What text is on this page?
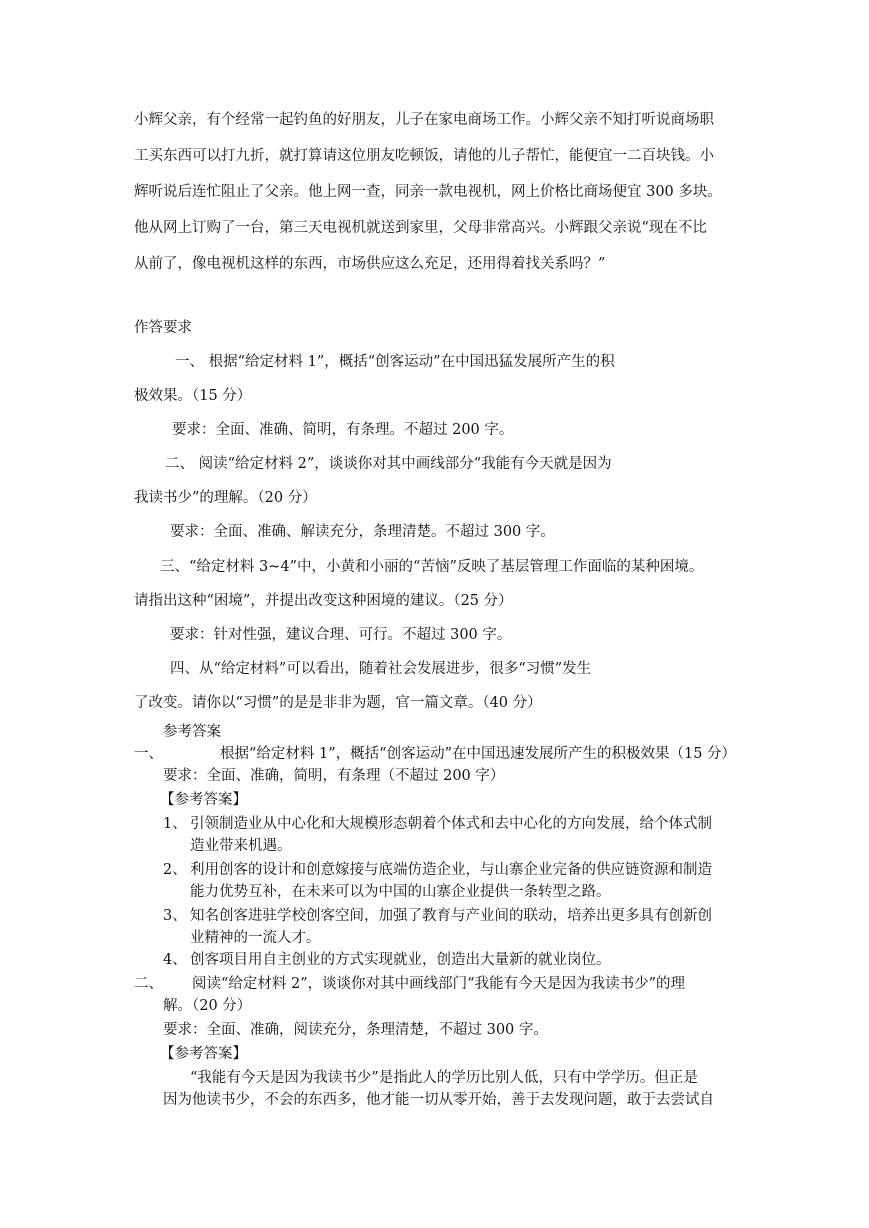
小辉父亲，有个经常一起钓鱼的好朋友，儿子在家电商场工作。小辉父亲不知打听说商场职
工买东西可以打九折，就打算请这位朋友吃顿饭，请他的儿子帮忙，能便宜一二百块钱。小
辉听说后连忙阻止了父亲。他上网一查，同亲一款电视机，网上价格比商场便宜 300 多块。
他从网上订购了一台，第三天电视机就送到家里，父母非常高兴。小辉跟父亲说“现在不比
从前了，像电视机这样的东西，市场供应这么充足，还用得着找关系吗？”
作答要求
一、 根据“给定材料 1”，概括“创客运动”在中国迅猛发展所产生的积
极效果。（15 分）
要求：全面、准确、简明，有条理。不超过 200 字。
二、 阅读“给定材料 2”，谈谈你对其中画线部分“我能有今天就是因为
我读书少”的理解。（20 分）
要求：全面、准确、解读充分，条理清楚。不超过 300 字。
三、“给定材料 3~4”中，小黄和小丽的“苦恼”反映了基层管理工作面临的某种困境。
请指出这种“困境”，并提出改变这种困境的建议。（25 分）
要求：针对性强，建议合理、可行。不超过 300 字。
四、从“给定材料”可以看出，随着社会发展进步，很多“习惯”发生
了改变。请你以“习惯”的是是非非为题，官一篇文章。（40 分）
参考答案
一、	根据“给定材料 1”，概括“创客运动”在中国迅速发展所产生的积极效果（15 分）
要求：全面、准确，简明，有条理（不超过 200 字）
【参考答案】
1、 引领制造业从中心化和大规模形态朝着个体式和去中心化的方向发展，给个体式制
造业带来机遇。
2、 利用创客的设计和创意嫁接与底端仿造企业，与山寨企业完备的供应链资源和制造
能力优势互补，在未来可以为中国的山寨企业提供一条转型之路。
3、 知名创客进驻学校创客空间，加强了教育与产业间的联动，培养出更多具有创新创
业精神的一流人才。
4、 创客项目用自主创业的方式实现就业，创造出大量新的就业岗位。
二、 阅读“给定材料 2”，谈谈你对其中画线部门“我能有今天是因为我读书少”的理
解。（20 分）
要求：全面、准确，阅读充分，条理清楚，不超过 300 字。
【参考答案】
“我能有今天是因为我读书少”是指此人的学历比别人低，只有中学学历。但正是
因为他读书少，不会的东西多，他才能一切从零开始，善于去发现问题，敢于去尝试自
